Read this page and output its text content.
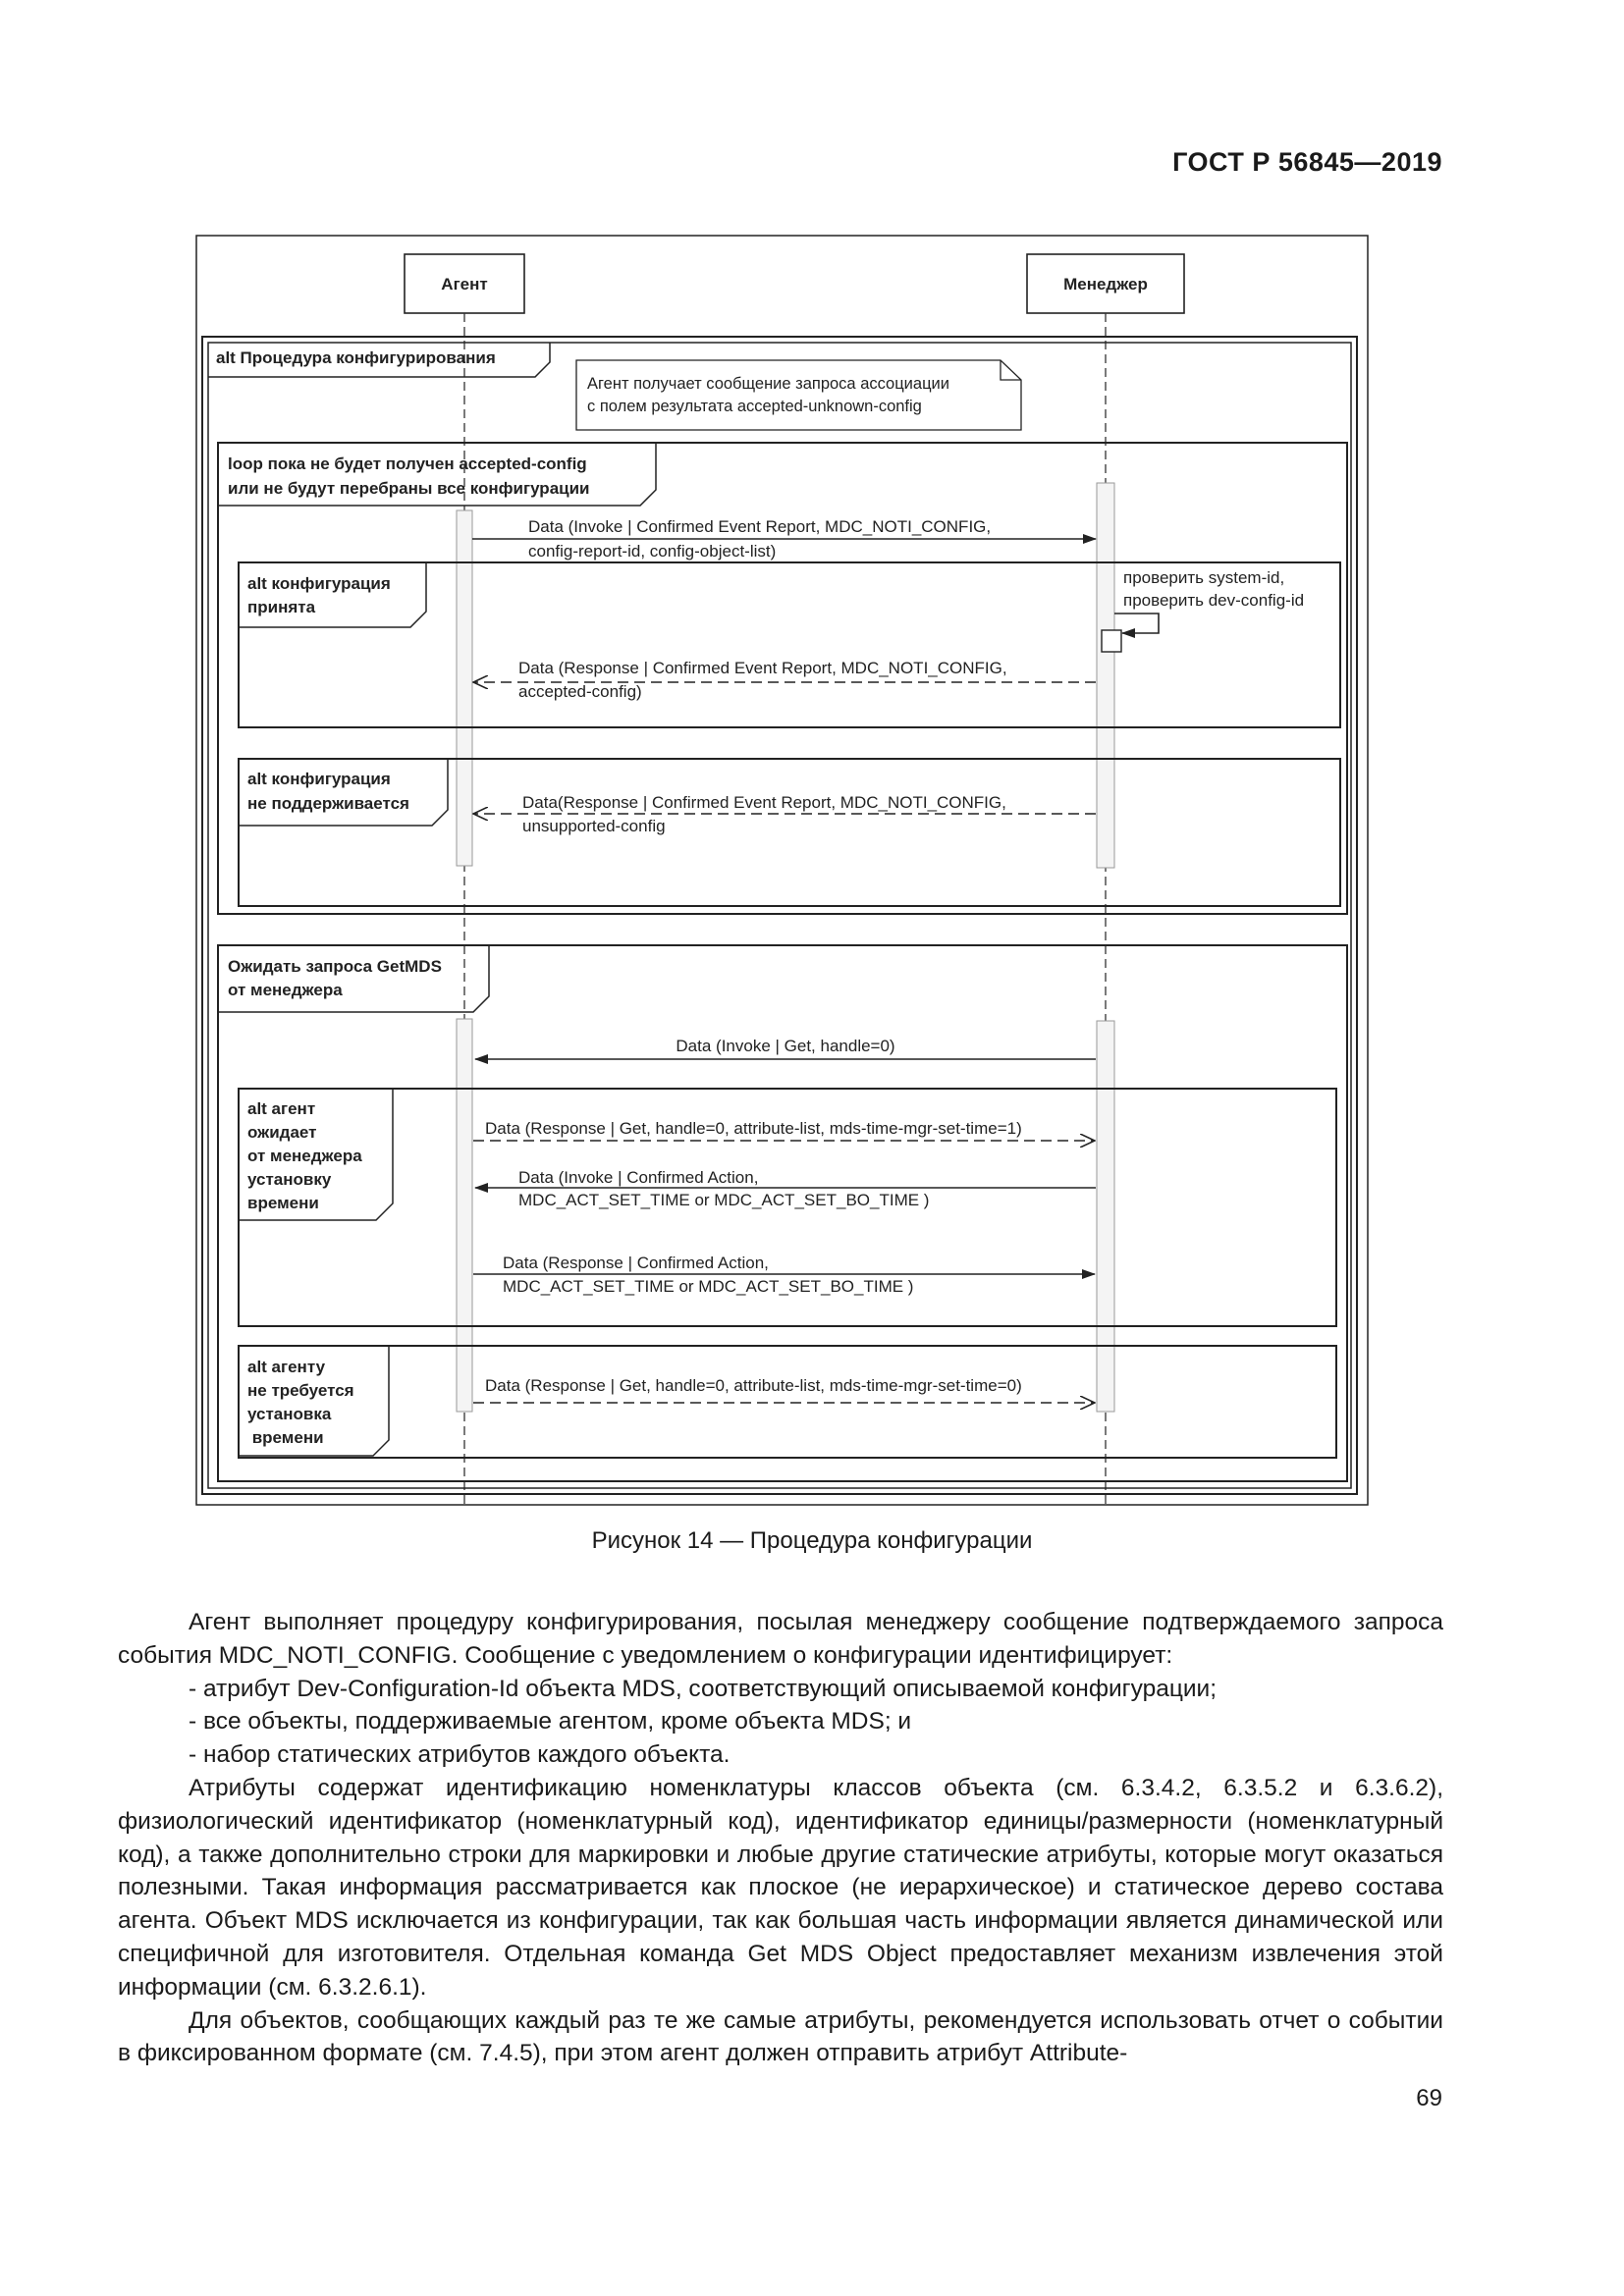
ГОСТ Р 56845—2019
Агент	Менеджер
alt Процедура конфигурирования
Агент получает сообщение запроса ассоциации
с полем результата accepted-unknown-config
loop пока не будет получен accepted-config
или не будут перебраны все конфигурации
Data (Invoke | Confirmed Event Report, MDC_NOTI_CONFIG,
config-report-id, config-object-list)
alt конфигурация
принята
проверить system-id,
проверить dev-config-id
Data (Response | Confirmed Event Report, MDC_NOTI_CONFIG,
accepted-config)
alt конфигурация
не поддерживается	Data(Response | Confirmed Event Report, MDC_NOTI_CONFIG,
unsupported-config
Ожидать запроса GetMDS
от менеджера
Data (Invoke | Get, handle=0)
alt агент
ожидает
от менеджера
установку
времени
Data (Response | Get, handle=0, attribute-list, mds-time-mgr-set-time=1)
Data (Invoke | Confirmed Action,
MDC_ACT_SET_TIME or MDC_ACT_SET_BO_TIME )
Data (Response | Confirmed Action,
MDC_ACT_SET_TIME or MDC_ACT_SET_BO_TIME )
alt агенту
не требуется
установка
времени
Data (Response | Get, handle=0, attribute-list, mds-time-mgr-set-time=0)
Рисунок 14 — Процедура конфигурации

Агент выполняет процедуру конфигурирования, посылая менеджеру сообщение подтверждаемого запроса события MDC_NOTI_CONFIG. Сообщение с уведомлением о конфигурации идентифицирует:

- атрибут Dev-Configuration-Id объекта MDS, соответствующий описываемой конфигурации;

- все объекты, поддерживаемые агентом, кроме объекта MDS; и

- набор статических атрибутов каждого объекта.

Атрибуты содержат идентификацию номенклатуры классов объекта (см. 6.3.4.2, 6.3.5.2 и 6.3.6.2), физиологический идентификатор (номенклатурный код), идентификатор единицы/размерности (номенклатурный код), а также дополнительно строки для маркировки и любые другие статические атрибуты, которые могут оказаться полезными. Такая информация рассматривается как плоское (не иерархическое) и статическое дерево состава агента. Объект MDS исключается из конфигурации, так как большая часть информации является динамической или специфичной для изготовителя. Отдельная команда Get MDS Object предоставляет механизм извлечения этой информации (см. 6.3.2.6.1).

Для объектов, сообщающих каждый раз те же самые атрибуты, рекомендуется использовать отчет о событии в фиксированном формате (см. 7.4.5), при этом агент должен отправить атрибут Attribute-

69
